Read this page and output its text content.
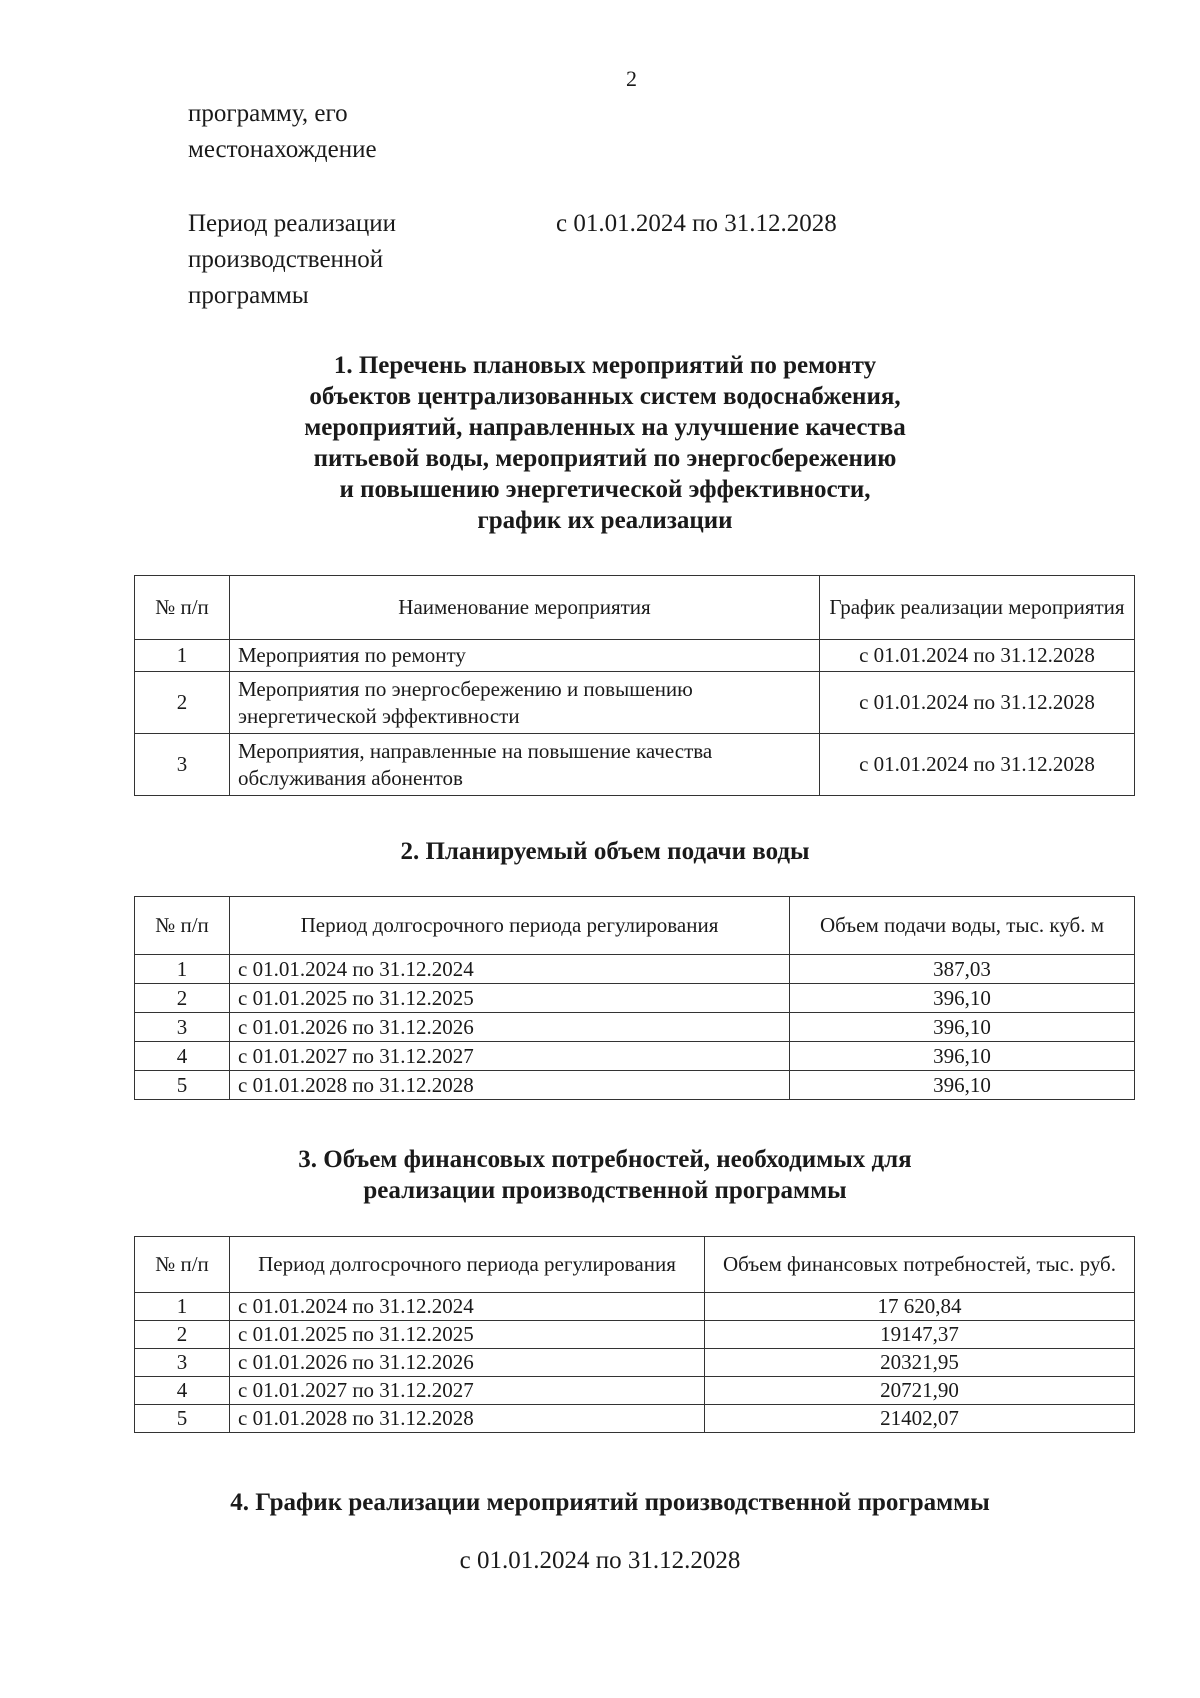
2
программу, его
местонахождение
Период реализации
производственной
программы
с 01.01.2024 по 31.12.2028
1. Перечень плановых мероприятий по ремонту
объектов централизованных систем водоснабжения,
мероприятий, направленных на улучшение качества
питьевой воды, мероприятий по энергосбережению
и повышению энергетической эффективности,
график их реализации
№ п/п	Наименование мероприятия	График реализации мероприятия
1	Мероприятия по ремонту	с 01.01.2024 по 31.12.2028
2	Мероприятия по энергосбережению и повышению энергетической эффективности	с 01.01.2024 по 31.12.2028
3	Мероприятия, направленные на повышение качества обслуживания абонентов	с 01.01.2024 по 31.12.2028
2. Планируемый объем подачи воды
№ п/п	Период долгосрочного периода регулирования	Объем подачи воды, тыс. куб. м
1	с 01.01.2024 по 31.12.2024	387,03
2	с 01.01.2025 по 31.12.2025	396,10
3	с 01.01.2026 по 31.12.2026	396,10
4	с 01.01.2027 по 31.12.2027	396,10
5	с 01.01.2028 по 31.12.2028	396,10
3. Объем финансовых потребностей, необходимых для
реализации производственной программы
№ п/п	Период долгосрочного периода регулирования	Объем финансовых потребностей, тыс. руб.
1	с 01.01.2024 по 31.12.2024	17 620,84
2	с 01.01.2025 по 31.12.2025	19147,37
3	с 01.01.2026 по 31.12.2026	20321,95
4	с 01.01.2027 по 31.12.2027	20721,90
5	с 01.01.2028 по 31.12.2028	21402,07
4. График реализации мероприятий производственной программы
с 01.01.2024 по 31.12.2028
